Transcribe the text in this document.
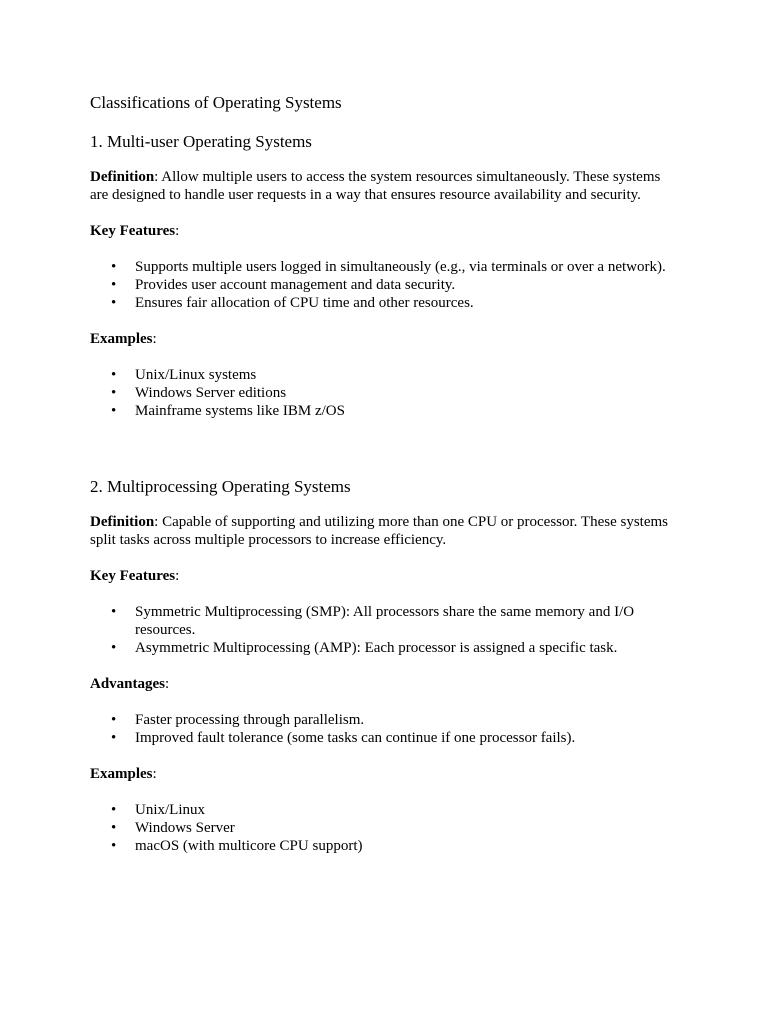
Classifications of Operating Systems
1. Multi-user Operating Systems

Definition: Allow multiple users to access the system resources simultaneously. These systems are designed to handle user requests in a way that ensures resource availability and security.

Key Features:

• Supports multiple users logged in simultaneously (e.g., via terminals or over a network).
• Provides user account management and data security.
• Ensures fair allocation of CPU time and other resources.

Examples:

• Unix/Linux systems
• Windows Server editions
• Mainframe systems like IBM z/OS
2. Multiprocessing Operating Systems

Definition: Capable of supporting and utilizing more than one CPU or processor. These systems split tasks across multiple processors to increase efficiency.

Key Features:

• Symmetric Multiprocessing (SMP): All processors share the same memory and I/O resources.
• Asymmetric Multiprocessing (AMP): Each processor is assigned a specific task.

Advantages:

• Faster processing through parallelism.
• Improved fault tolerance (some tasks can continue if one processor fails).

Examples:

• Unix/Linux
• Windows Server
• macOS (with multicore CPU support)
